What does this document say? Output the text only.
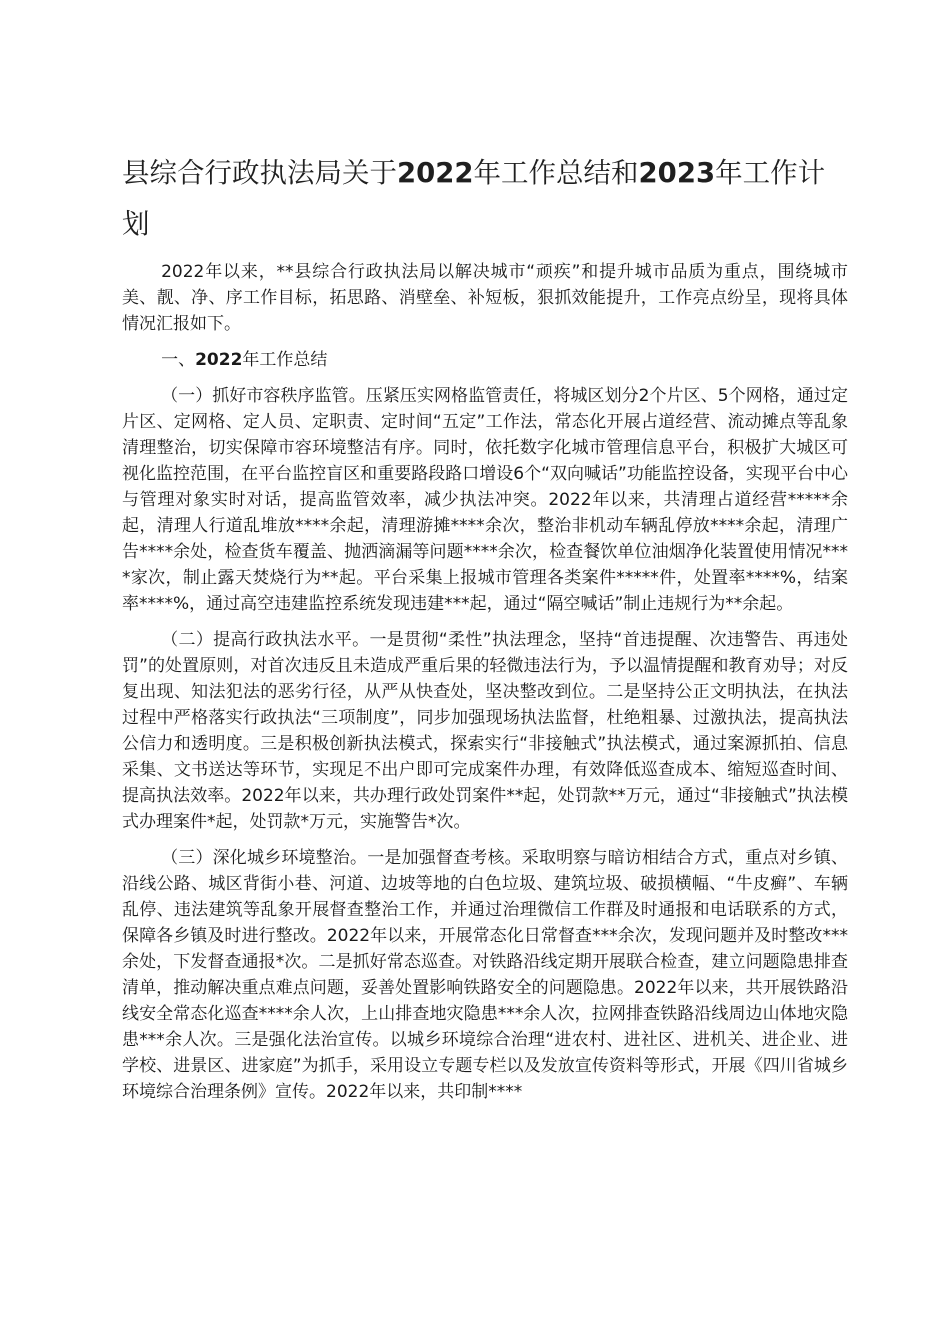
县综合行政执法局关于2022年工作总结和2023年工作计划

2022年以来，**县综合行政执法局以解决城市“顽疾”和提升城市品质为重点，围绕城市美、靓、净、序工作目标，拓思路、消壁垒、补短板，狠抓效能提升，工作亮点纷呈，现将具体情况汇报如下。

一、2022年工作总结

（一）抓好市容秩序监管。压紧压实网格监管责任，将城区划分2个片区、5个网格，通过定片区、定网格、定人员、定职责、定时间“五定”工作法，常态化开展占道经营、流动摊点等乱象清理整治，切实保障市容环境整洁有序。同时，依托数字化城市管理信息平台，积极扩大城区可视化监控范围，在平台监控盲区和重要路段路口增设6个“双向喊话”功能监控设备，实现平台中心与管理对象实时对话，提高监管效率，减少执法冲突。2022年以来，共清理占道经营*****余起，清理人行道乱堆放****余起，清理游摊****余次，整治非机动车辆乱停放****余起，清理广告****余处，检查货车覆盖、抛洒滴漏等问题****余次，检查餐饮单位油烟净化装置使用情况****家次，制止露天焚烧行为**起。平台采集上报城市管理各类案件*****件，处置率****%，结案率****%，通过高空违建监控系统发现违建***起，通过“隔空喊话”制止违规行为**余起。

（二）提高行政执法水平。一是贯彻“柔性”执法理念，坚持“首违提醒、次违警告、再违处罚”的处置原则，对首次违反且未造成严重后果的轻微违法行为，予以温情提醒和教育劝导；对反复出现、知法犯法的恶劣行径，从严从快查处，坚决整改到位。二是坚持公正文明执法，在执法过程中严格落实行政执法“三项制度”，同步加强现场执法监督，杜绝粗暴、过激执法，提高执法公信力和透明度。三是积极创新执法模式，探索实行“非接触式”执法模式，通过案源抓拍、信息采集、文书送达等环节，实现足不出户即可完成案件办理，有效降低巡查成本、缩短巡查时间、提高执法效率。2022年以来，共办理行政处罚案件**起，处罚款**万元，通过“非接触式”执法模式办理案件*起，处罚款*万元，实施警告*次。

（三）深化城乡环境整治。一是加强督查考核。采取明察与暗访相结合方式，重点对乡镇、沿线公路、城区背街小巷、河道、边坡等地的白色垃圾、建筑垃圾、破损横幅、“牛皮癣”、车辆乱停、违法建筑等乱象开展督查整治工作，并通过治理微信工作群及时通报和电话联系的方式，保障各乡镇及时进行整改。2022年以来，开展常态化日常督查***余次，发现问题并及时整改***余处，下发督查通报*次。二是抓好常态巡查。对铁路沿线定期开展联合检查，建立问题隐患排查清单，推动解决重点难点问题，妥善处置影响铁路安全的问题隐患。2022年以来，共开展铁路沿线安全常态化巡查****余人次，上山排查地灾隐患***余人次，拉网排查铁路沿线周边山体地灾隐患***余人次。三是强化法治宣传。以城乡环境综合治理“进农村、进社区、进机关、进企业、进学校、进景区、进家庭”为抓手，采用设立专题专栏以及发放宣传资料等形式，开展《四川省城乡环境综合治理条例》宣传。2022年以来，共印制****
